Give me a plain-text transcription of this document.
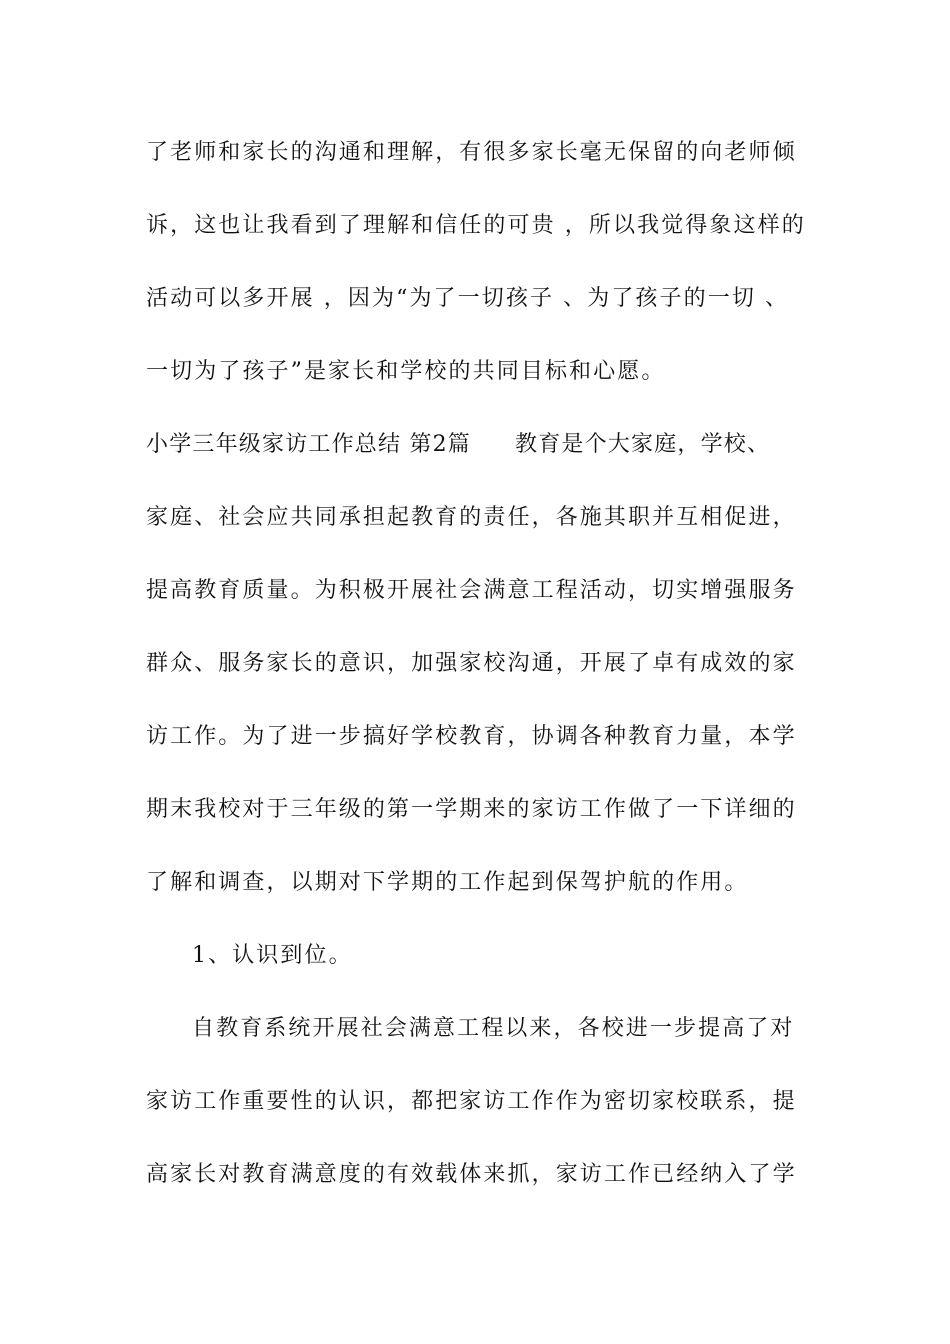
了老师和家长的沟通和理解，有很多家长毫无保留的向老师倾
诉，这也让我看到了理解和信任的可贵 ，所以我觉得象这样的
活动可以多开展 ，因为“为了一切孩子 、为了孩子的一切 、
一切为了孩子”是家长和学校的共同目标和心愿。
小学三年级家访工作总结 第2篇 教育是个大家庭，学校、
家庭、社会应共同承担起教育的责任，各施其职并互相促进，
提高教育质量。为积极开展社会满意工程活动，切实增强服务
群众、服务家长的意识，加强家校沟通，开展了卓有成效的家
访工作。为了进一步搞好学校教育，协调各种教育力量，本学
期末我校对于三年级的第一学期来的家访工作做了一下详细的
了解和调查，以期对下学期的工作起到保驾护航的作用。
1、认识到位。
自教育系统开展社会满意工程以来，各校进一步提高了对
家访工作重要性的认识，都把家访工作作为密切家校联系，提
高家长对教育满意度的有效载体来抓，家访工作已经纳入了学
